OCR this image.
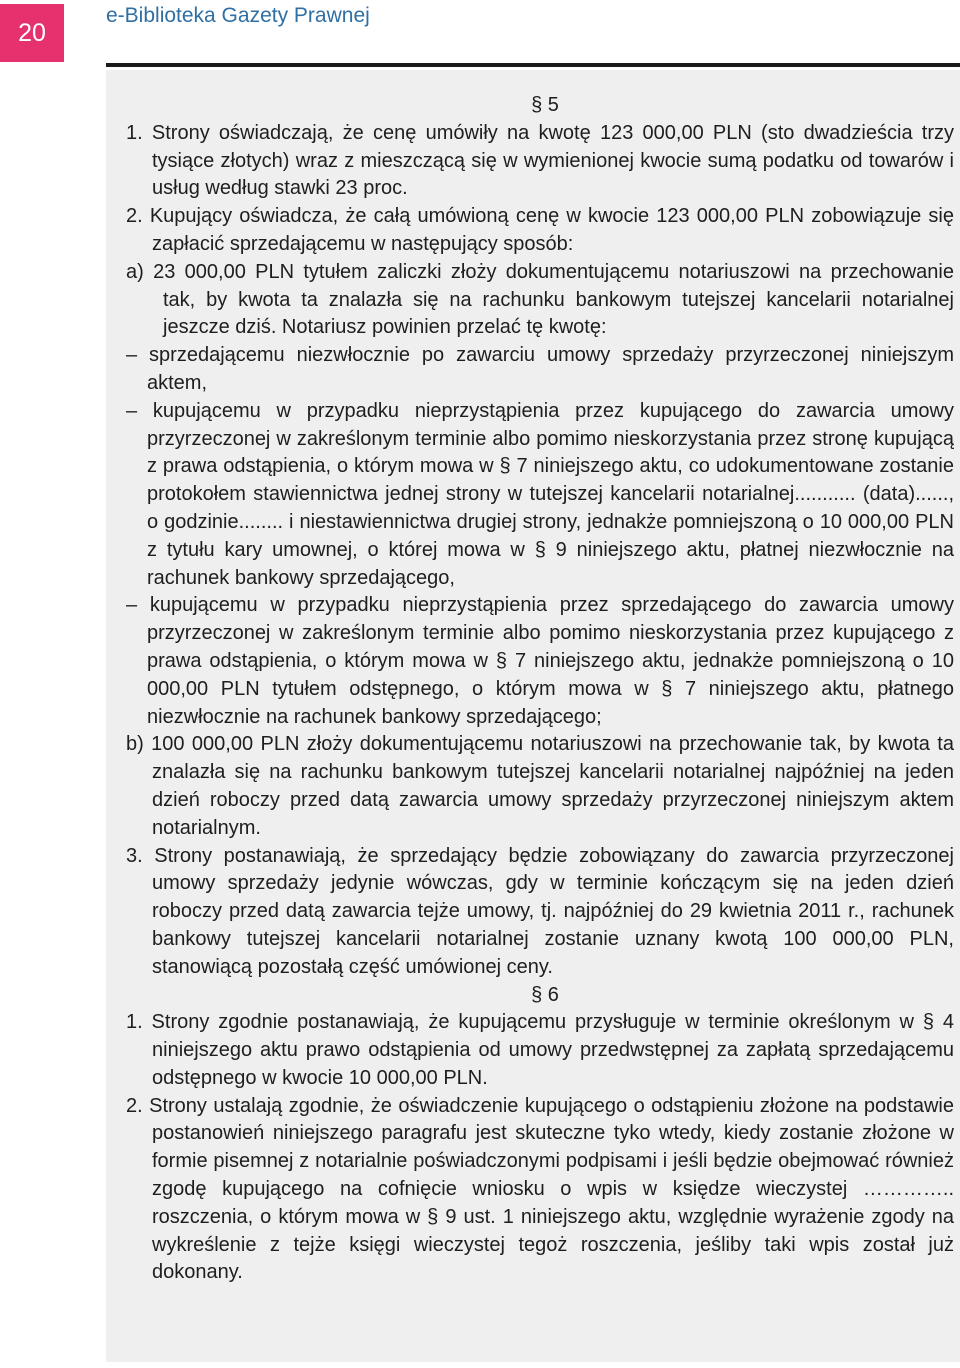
20
e-Biblioteka Gazety Prawnej

§ 5

1. Strony oświadczają, że cenę umówiły na kwotę 123 000,00 PLN (sto dwadzieścia trzy tysiące złotych) wraz z mieszczącą się w wymienionej kwocie sumą podatku od towarów i usług według stawki 23 proc.

2. Kupujący oświadcza, że całą umówioną cenę w kwocie 123 000,00 PLN zobowiązuje się zapłacić sprzedającemu w następujący sposób:

a) 23 000,00 PLN tytułem zaliczki złoży dokumentującemu notariuszowi na przechowanie tak, by kwota ta znalazła się na rachunku bankowym tutejszej kancelarii notarialnej jeszcze dziś. Notariusz powinien przelać tę kwotę:

– sprzedającemu niezwłocznie po zawarciu umowy sprzedaży przyrzeczonej niniejszym aktem,

– kupującemu w przypadku nieprzystąpienia przez kupującego do zawarcia umowy przyrzeczonej w zakreślonym terminie albo pomimo nieskorzystania przez stronę kupującą z prawa odstąpienia, o którym mowa w § 7 niniejszego aktu, co udokumentowane zostanie protokołem stawiennictwa jednej strony w tutejszej kancelarii notarialnej........... (data)......, o godzinie........ i niestawiennictwa drugiej strony, jednakże pomniejszoną o 10 000,00 PLN z tytułu kary umownej, o której mowa w § 9 niniejszego aktu, płatnej niezwłocznie na rachunek bankowy sprzedającego,

– kupującemu w przypadku nieprzystąpienia przez sprzedającego do zawarcia umowy przyrzeczonej w zakreślonym terminie albo pomimo nieskorzystania przez kupującego z prawa odstąpienia, o którym mowa w § 7 niniejszego aktu, jednakże pomniejszoną o 10 000,00 PLN tytułem odstępnego, o którym mowa w § 7 niniejszego aktu, płatnego niezwłocznie na rachunek bankowy sprzedającego;

b) 100 000,00 PLN złoży dokumentującemu notariuszowi na przechowanie tak, by kwota ta znalazła się na rachunku bankowym tutejszej kancelarii notarialnej najpóźniej na jeden dzień roboczy przed datą zawarcia umowy sprzedaży przyrzeczonej niniejszym aktem notarialnym.

3. Strony postanawiają, że sprzedający będzie zobowiązany do zawarcia przyrzeczonej umowy sprzedaży jedynie wówczas, gdy w terminie kończącym się na jeden dzień roboczy przed datą zawarcia tejże umowy, tj. najpóźniej do 29 kwietnia 2011 r., rachunek bankowy tutejszej kancelarii notarialnej zostanie uznany kwotą 100 000,00 PLN, stanowiącą pozostałą część umówionej ceny.

§ 6

1. Strony zgodnie postanawiają, że kupującemu przysługuje w terminie określonym w § 4 niniejszego aktu prawo odstąpienia od umowy przedwstępnej za zapłatą sprzedającemu odstępnego w kwocie 10 000,00 PLN.

2. Strony ustalają zgodnie, że oświadczenie kupującego o odstąpieniu złożone na podstawie postanowień niniejszego paragrafu jest skuteczne tyko wtedy, kiedy zostanie złożone w formie pisemnej z notarialnie poświadczonymi podpisami i jeśli będzie obejmować również zgodę kupującego na cofnięcie wniosku o wpis w księdze wieczystej ………….. roszczenia, o którym mowa w § 9 ust. 1 niniejszego aktu, względnie wyrażenie zgody na wykreślenie z tejże księgi wieczystej tegoż roszczenia, jeśliby taki wpis został już dokonany.
